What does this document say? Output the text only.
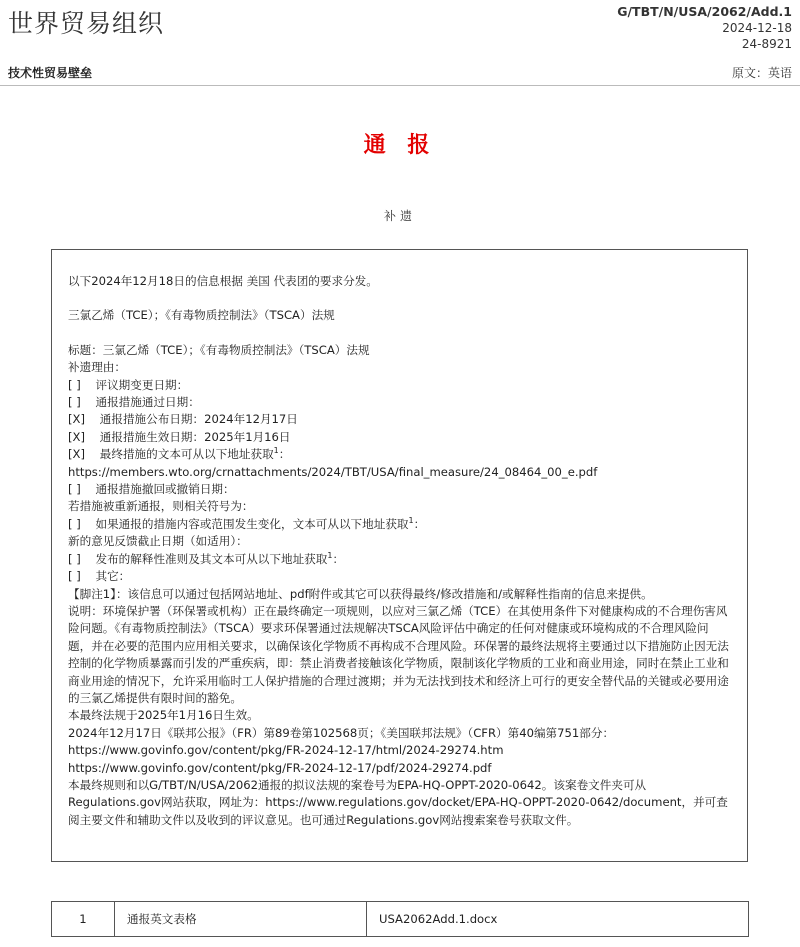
世界贸易组织	G/TBT/N/USA/2062/Add.1
2024-12-18
24-8921
技术性贸易壁垒	原文：英语
通 报
补遗

以下2024年12月18日的信息根据 美国 代表团的要求分发。

三氯乙烯（TCE）；《有毒物质控制法》（TSCA）法规

标题：三氯乙烯（TCE）；《有毒物质控制法》（TSCA）法规

补遗理由：

[ ] 评议期变更日期：

[ ] 通报措施通过日期：

[X] 通报措施公布日期：2024年12月17日

[X] 通报措施生效日期：2025年1月16日

[X] 最终措施的文本可从以下地址获取$^1$：

https://members.wto.org/crnattachments/2024/TBT/USA/final_measure/24_08464_00_e.pdf

[ ] 通报措施撤回或撤销日期：

若措施被重新通报，则相关符号为：

[ ] 如果通报的措施内容或范围发生变化，文本可从以下地址获取$^1$：

新的意见反馈截止日期（如适用）：

[ ] 发布的解释性准则及其文本可从以下地址获取$^1$：

[ ] 其它：

【脚注1】：该信息可以通过包括网站地址、pdf附件或其它可以获得最终/修改措施和/或解释性指南的信息来提供。

说明：环境保护署（环保署或机构）正在最终确定一项规则，以应对三氯乙烯（TCE）在其使用条件下对健康构成的不合理伤害风险问题。《有毒物质控制法》（TSCA）要求环保署通过法规解决TSCA风险评估中确定的任何对健康或环境构成的不合理风险问题，并在必要的范围内应用相关要求，以确保该化学物质不再构成不合理风险。环保署的最终法规将主要通过以下措施防止因无法控制的化学物质暴露而引发的严重疾病，即：禁止消费者接触该化学物质，限制该化学物质的工业和商业用途，同时在禁止工业和商业用途的情况下，允许采用临时工人保护措施的合理过渡期；并为无法找到技术和经济上可行的更安全替代品的关键或必要用途的三氯乙烯提供有限时间的豁免。

本最终法规于2025年1月16日生效。

2024年12月17日《联邦公报》（FR）第89卷第102568页；《美国联邦法规》（CFR）第40编第751部分：

https://www.govinfo.gov/content/pkg/FR-2024-12-17/html/2024-29274.htm

https://www.govinfo.gov/content/pkg/FR-2024-12-17/pdf/2024-29274.pdf

本最终规则和以G/TBT/N/USA/2062通报的拟议法规的案卷号为EPA-HQ-OPPT-2020-0642。该案卷文件夹可从Regulations.gov网站获取，网址为：https://www.regulations.gov/docket/EPA-HQ-OPPT-2020-0642/document，并可查阅主要文件和辅助文件以及收到的评议意见。也可通过Regulations.gov网站搜索案卷号获取文件。

1	通报英文表格	USA2062Add.1.docx
